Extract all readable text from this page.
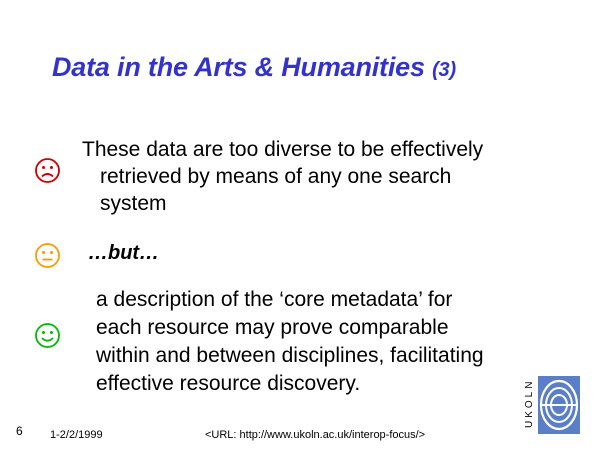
Data in the Arts & Humanities (3)
These data are too diverse to be effectively
retrieved by means of any one search
system
…but…
a description of the ‘core metadata’ for
each resource may prove comparable
within and between disciplines, facilitating
effective resource discovery.	UKOLN
6 1-2/2/1999	<URL: http://www.ukoln.ac.uk/interop-focus/>
